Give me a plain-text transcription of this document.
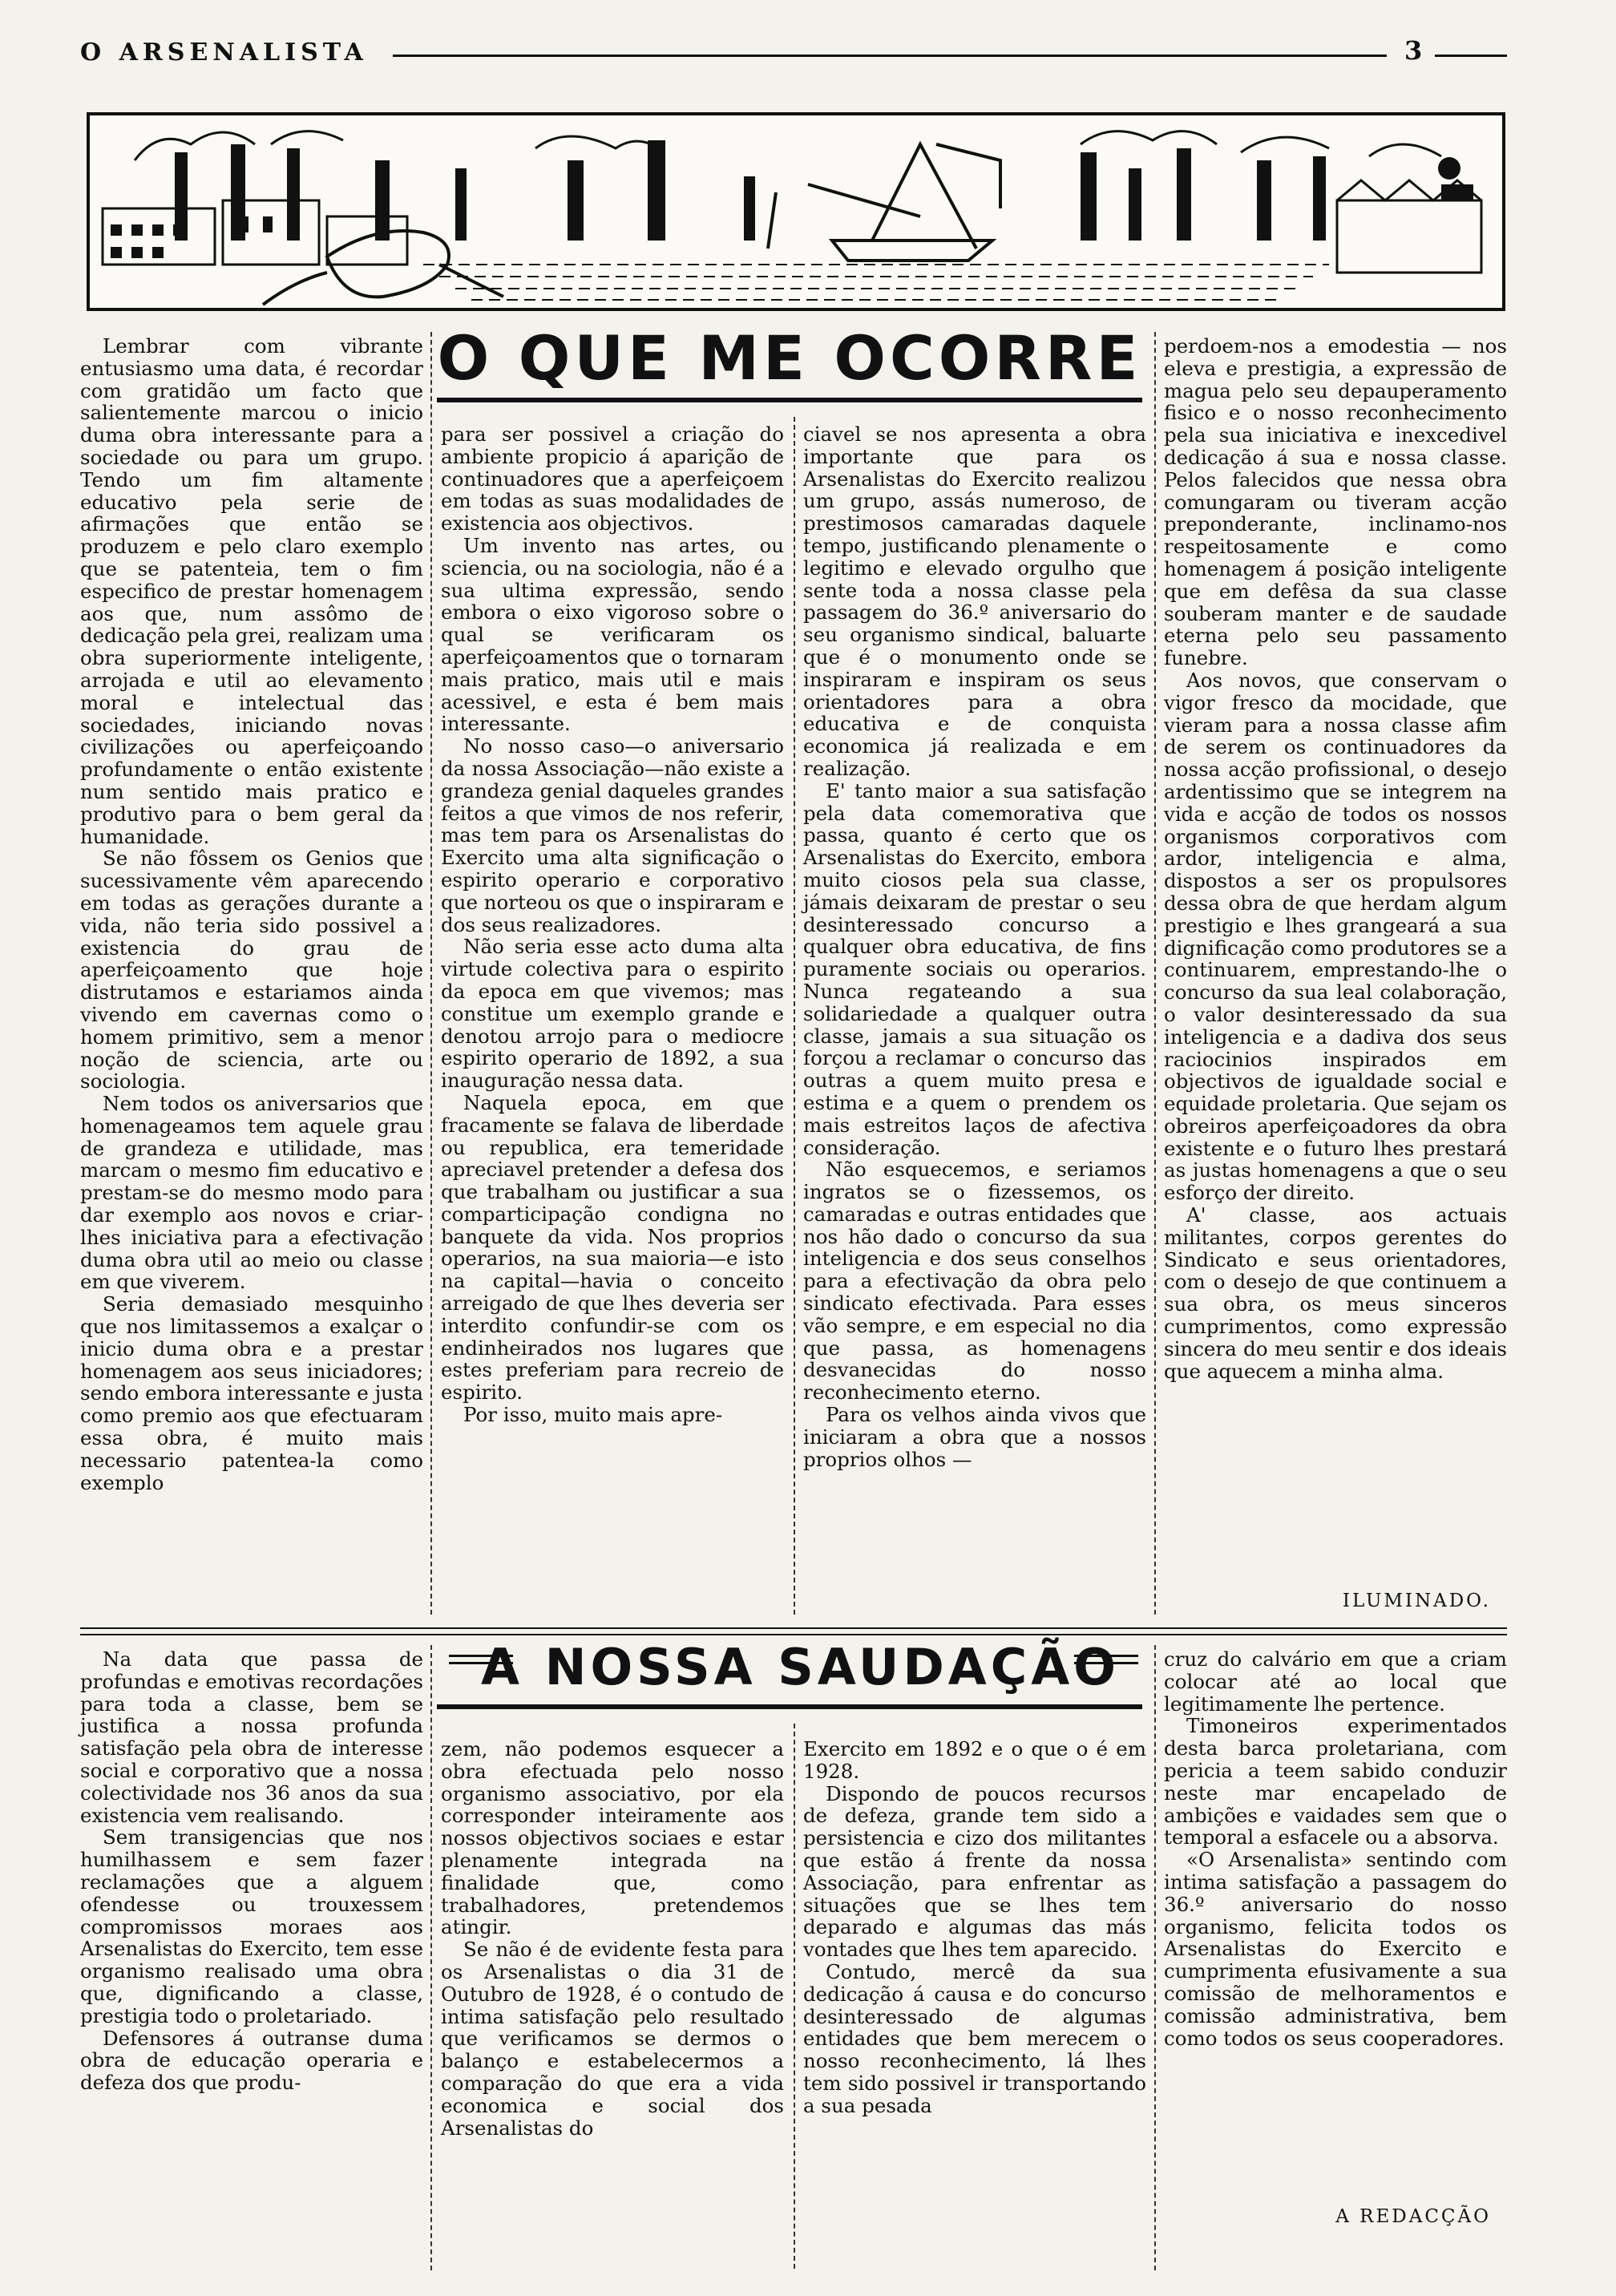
O ARSENALISTA	3
O QUE ME OCORRE

Lembrar com vibrante entusiasmo uma data, é recordar com gratidão um facto que salientemente marcou o inicio duma obra interessante para a sociedade ou para um grupo. Tendo um fim altamente educativo pela serie de afirmações que então se produzem e pelo claro exemplo que se patenteia, tem o fim especifico de prestar homenagem aos que, num assômo de dedicação pela grei, realizam uma obra superiormente inteligente, arrojada e util ao elevamento moral e intelectual das sociedades, iniciando novas civilizações ou aperfeiçoando profundamente o então existente num sentido mais pratico e produtivo para o bem geral da humanidade.

Se não fôssem os Genios que sucessivamente vêm aparecendo em todas as gerações durante a vida, não teria sido possivel a existencia do grau de aperfeiçoamento que hoje distrutamos e estariamos ainda vivendo em cavernas como o homem primitivo, sem a menor noção de sciencia, arte ou sociologia.

Nem todos os aniversarios que homenageamos tem aquele grau de grandeza e utilidade, mas marcam o mesmo fim educativo e prestam-se do mesmo modo para dar exemplo aos novos e criar-lhes iniciativa para a efectivação duma obra util ao meio ou classe em que viverem.

Seria demasiado mesquinho que nos limitassemos a exalçar o inicio duma obra e a prestar homenagem aos seus iniciadores; sendo embora interessante e justa como premio aos que efectuaram essa obra, é muito mais necessario patentea-la como exemplo

para ser possivel a criação do ambiente propicio á aparição de continuadores que a aperfeiçoem em todas as suas modalidades de existencia aos objectivos.

Um invento nas artes, ou sciencia, ou na sociologia, não é a sua ultima expressão, sendo embora o eixo vigoroso sobre o qual se verificaram os aperfeiçoamentos que o tornaram mais pratico, mais util e mais acessivel, e esta é bem mais interessante.

No nosso caso—o aniversario da nossa Associação—não existe a grandeza genial daqueles grandes feitos a que vimos de nos referir, mas tem para os Arsenalistas do Exercito uma alta significação o espirito operario e corporativo que norteou os que o inspiraram e dos seus realizadores.

Não seria esse acto duma alta virtude colectiva para o espirito da epoca em que vivemos; mas constitue um exemplo grande e denotou arrojo para o mediocre espirito operario de 1892, a sua inauguração nessa data.

Naquela epoca, em que fracamente se falava de liberdade ou republica, era temeridade apreciavel pretender a defesa dos que trabalham ou justificar a sua comparticipação condigna no banquete da vida. Nos proprios operarios, na sua maioria—e isto na capital—havia o conceito arreigado de que lhes deveria ser interdito confundir-se com os endinheirados nos lugares que estes preferiam para recreio de espirito.

Por isso, muito mais apre-

ciavel se nos apresenta a obra importante que para os Arsenalistas do Exercito realizou um grupo, assás numeroso, de prestimosos camaradas daquele tempo, justificando plenamente o legitimo e elevado orgulho que sente toda a nossa classe pela passagem do 36.º aniversario do seu organismo sindical, baluarte que é o monumento onde se inspiraram e inspiram os seus orientadores para a obra educativa e de conquista economica já realizada e em realização.

E' tanto maior a sua satisfação pela data comemorativa que passa, quanto é certo que os Arsenalistas do Exercito, embora muito ciosos pela sua classe, jámais deixaram de prestar o seu desinteressado concurso a qualquer obra educativa, de fins puramente sociais ou operarios. Nunca regateando a sua solidariedade a qualquer outra classe, jamais a sua situação os forçou a reclamar o concurso das outras a quem muito presa e estima e a quem o prendem os mais estreitos laços de afectiva consideração.

Não esquecemos, e seriamos ingratos se o fizessemos, os camaradas e outras entidades que nos hão dado o concurso da sua inteligencia e dos seus conselhos para a efectivação da obra pelo sindicato efectivada. Para esses vão sempre, e em especial no dia que passa, as homenagens desvanecidas do nosso reconhecimento eterno.

Para os velhos ainda vivos que iniciaram a obra que a nossos proprios olhos —

perdoem-nos a emodestia — nos eleva e prestigia, a expressão de magua pelo seu depauperamento fisico e o nosso reconhecimento pela sua iniciativa e inexcedivel dedicação á sua e nossa classe. Pelos falecidos que nessa obra comungaram ou tiveram acção preponderante, inclinamo-nos respeitosamente e como homenagem á posição inteligente que em defêsa da sua classe souberam manter e de saudade eterna pelo seu passamento funebre.

Aos novos, que conservam o vigor fresco da mocidade, que vieram para a nossa classe afim de serem os continuadores da nossa acção profissional, o desejo ardentissimo que se integrem na vida e acção de todos os nossos organismos corporativos com ardor, inteligencia e alma, dispostos a ser os propulsores dessa obra de que herdam algum prestigio e lhes grangeará a sua dignificação como produtores se a continuarem, emprestando-lhe o concurso da sua leal colaboração, o valor desinteressado da sua inteligencia e a dadiva dos seus raciocinios inspirados em objectivos de igualdade social e equidade proletaria. Que sejam os obreiros aperfeiçoadores da obra existente e o futuro lhes prestará as justas homenagens a que o seu esforço der direito.

A' classe, aos actuais militantes, corpos gerentes do Sindicato e seus orientadores, com o desejo de que continuem a sua obra, os meus sinceros cumprimentos, como expressão sincera do meu sentir e dos ideais que aquecem a minha alma.

ILUMINADO.
A NOSSA SAUDAÇÃO

Na data que passa de profundas e emotivas recordações para toda a classe, bem se justifica a nossa profunda satisfação pela obra de interesse social e corporativo que a nossa colectividade nos 36 anos da sua existencia vem realisando.

Sem transigencias que nos humilhassem e sem fazer reclamações que a alguem ofendesse ou trouxessem compromissos moraes aos Arsenalistas do Exercito, tem esse organismo realisado uma obra que, dignificando a classe, prestigia todo o proletariado.

Defensores á outranse duma obra de educação operaria e defeza dos que produ-

zem, não podemos esquecer a obra efectuada pelo nosso organismo associativo, por ela corresponder inteiramente aos nossos objectivos sociaes e estar plenamente integrada na finalidade que, como trabalhadores, pretendemos atingir.

Se não é de evidente festa para os Arsenalistas o dia 31 de Outubro de 1928, é o contudo de intima satisfação pelo resultado que verificamos se dermos o balanço e estabelecermos a comparação do que era a vida economica e social dos Arsenalistas do

Exercito em 1892 e o que o é em 1928.

Dispondo de poucos recursos de defeza, grande tem sido a persistencia e cizo dos militantes que estão á frente da nossa Associação, para enfrentar as situações que se lhes tem deparado e algumas das más vontades que lhes tem aparecido.

Contudo, mercê da sua dedicação á causa e do concurso desinteressado de algumas entidades que bem merecem o nosso reconhecimento, lá lhes tem sido possivel ir transportando a sua pesada

cruz do calvário em que a criam colocar até ao local que legitimamente lhe pertence.

Timoneiros experimentados desta barca proletariana, com pericia a teem sabido conduzir neste mar encapelado de ambições e vaidades sem que o temporal a esfacele ou a absorva.

«O Arsenalista» sentindo com intima satisfação a passagem do 36.º aniversario do nosso organismo, felicita todos os Arsenalistas do Exercito e cumprimenta efusivamente a sua comissão de melhoramentos e comissão administrativa, bem como todos os seus cooperadores.

A REDACÇÃO
